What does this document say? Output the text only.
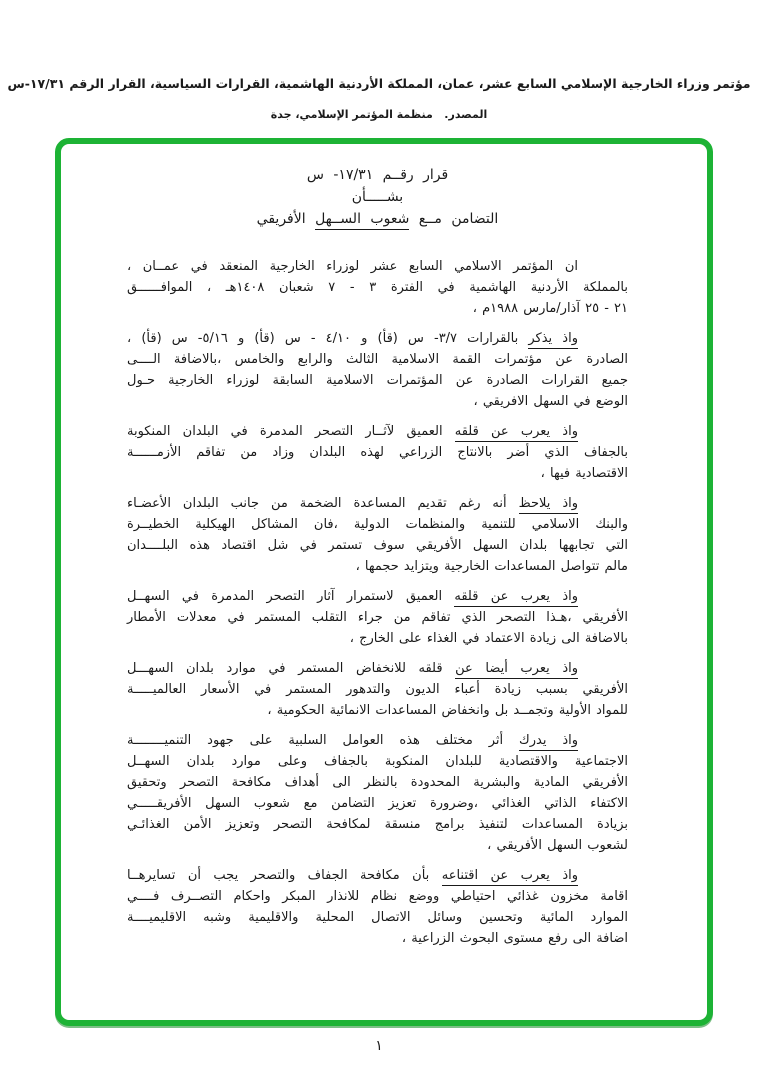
مؤتمر وزراء الخارجية الإسلامي السابع عشر، عمان، المملكة الأردنية الهاشمية، القرارات السياسية، القرار الرقم ١٧/٣١-س
المصدر.   منظمة المؤتمر الإسلامي، جدة
قرار رقــم ١٧/٣١- س
بشـــــأن
التضامن مــع شعوب الســهل الأفريقي
ان المؤتمر الاسلامي السابع عشر لوزراء الخارجية المنعقد في عمــان ،
بالمملكة الأردنية الهاشمية في الفترة ٣ - ٧ شعبان ١٤٠٨هـ ، الموافــــــق
٢١ - ٢٥ آذار/مارس ١٩٨٨م ،
واذ يذكر بالقرارات ٣/٧- س (قأ) و ٤/١٠ - س (قأ) و ٥/١٦- س (قأ) ،
الصادرة عن مؤتمرات القمة الاسلامية الثالث والرابع والخامس ،بالاضافة الــــى
جميع القرارات الصادرة عن المؤتمرات الاسلامية السابقة لوزراء الخارجية حـول
الوضع في السهل الافريقي ،
واذ يعرب عن قلقه العميق لآثــار التصحر المدمرة في البلدان المنكوبة
بالجفاف الذي أضر بالانتاج الزراعي لهذه البلدان وزاد من تفاقم الأزمــــــة
الاقتصادية فيها ،
واذ يلاحظ أنه رغم تقديم المساعدة الضخمة من جانب البلدان الأعضـاء
والبنك الاسلامي للتنمية والمنظمات الدولية ،فان المشاكل الهيكلية الخطيــرة
التي تجابهها بلدان السهل الأفريقي سوف تستمر في شل اقتصاد هذه البلــــدان
مالم تتواصل المساعدات الخارجية ويتزايد حجمها ،
واذ يعرب عن قلقه العميق لاستمرار آثار التصحر المدمرة في السهــل
الأفريقي ،هـذا التصحر الذي تفاقم من جراء التقلب المستمر في معدلات الأمطار
بالاضافة الى زيادة الاعتماد في الغذاء على الخارج ،
واذ يعرب أيضا عن قلقه للانخفاض المستمر في موارد بلدان السهـــل
الأفريقي بسبب زيادة أعباء الديون والتدهور المستمر في الأسعار العالميـــــة
للمواد الأولية وتجمــد بل وانخفاض المساعدات الانمائية الحكومية ،
واذ يدرك أثر مختلف هذه العوامل السلبية على جهود التنميــــــــة
الاجتماعية والاقتصادية للبلدان المنكوبة بالجفاف وعلى موارد بلدان السهــل
الأفريقي المادية والبشرية المحدودة بالنظر الى أهداف مكافحة التصحر وتحقيق
الاكتفاء الذاتي الغذائي ،وضرورة تعزيز التضامن مع شعوب السهل الأفريقـــــي
بزيادة المساعدات لتنفيذ برامج منسقة لمكافحة التصحر وتعزيز الأمن الغذائـي
لشعوب السهل الأفريقي ،
واذ يعرب عن اقتناعه بأن مكافحة الجفاف والتصحر يجب أن تسايرهــا
اقامة مخزون غذائي احتياطي ووضع نظام للانذار المبكر واحكام التصــرف فــــي
الموارد المائية وتحسين وسائل الاتصال المحلية والاقليمية وشبه الاقليميــــة
اضافة الى رفع مستوى البحوث الزراعية ،
١
